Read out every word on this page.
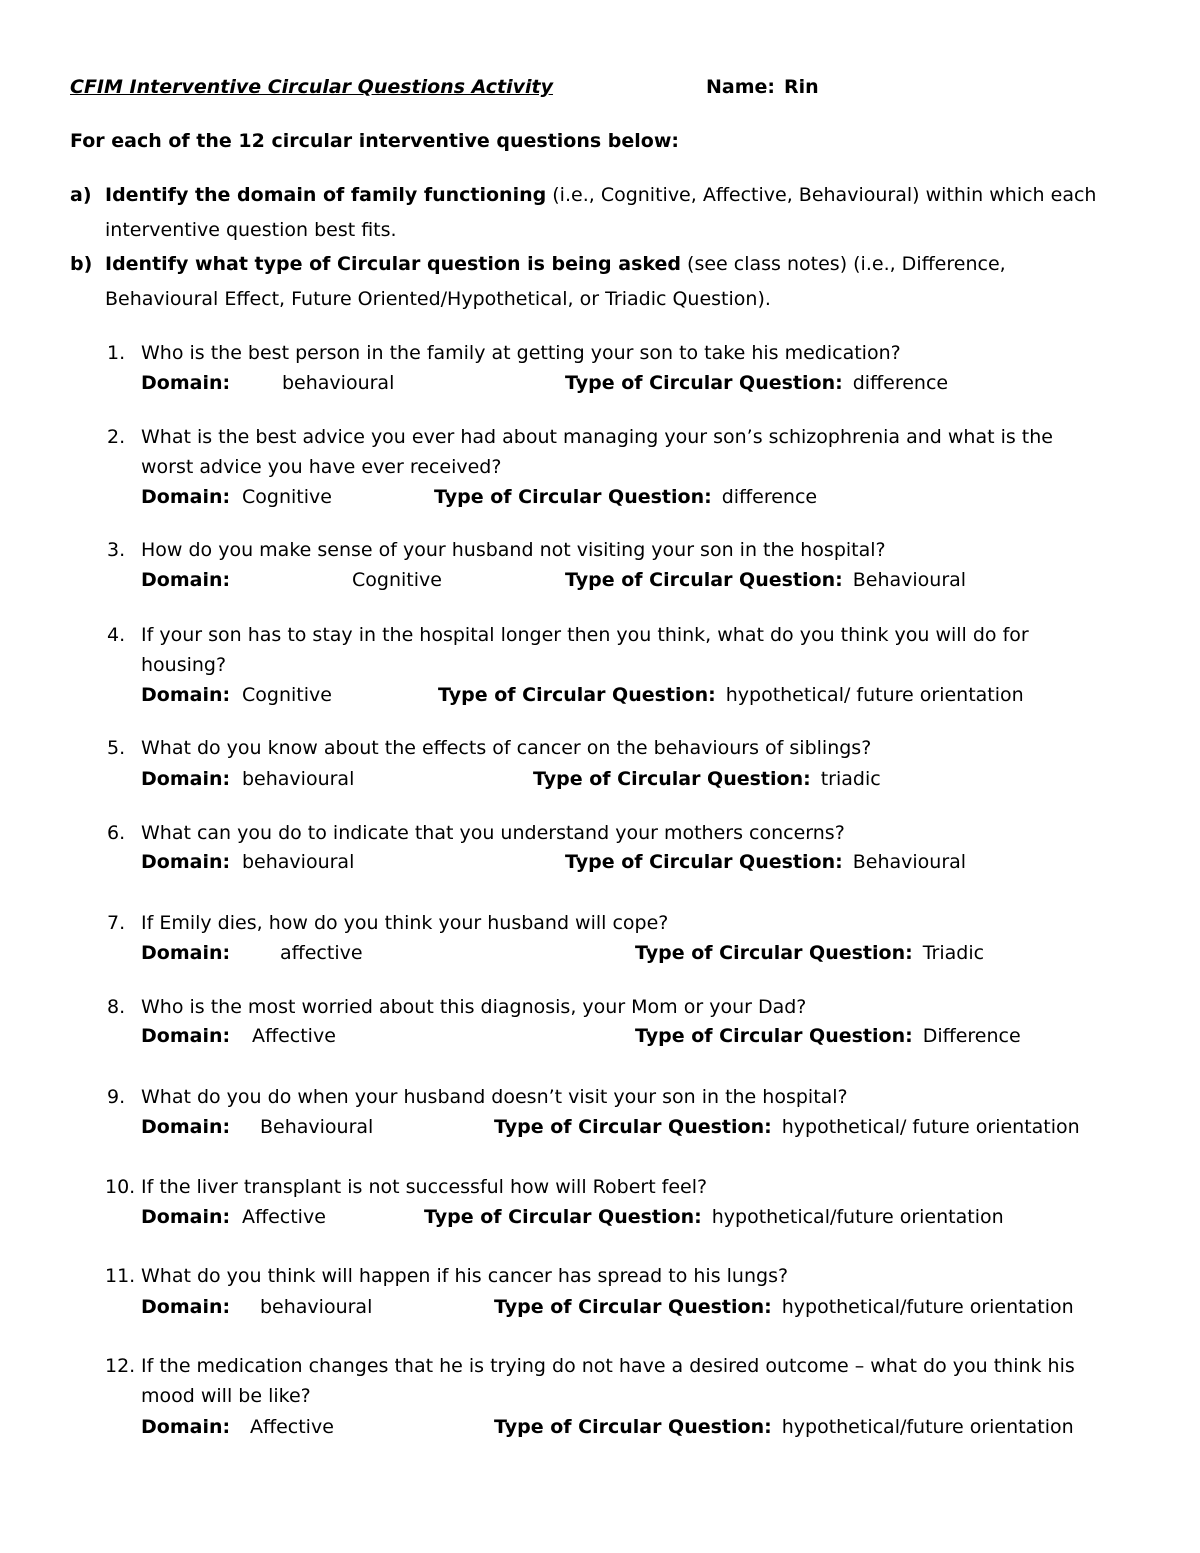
CFIM Interventive Circular Questions Activity	Name: Rin
For each of the 12 circular interventive questions below:
a) Identify the domain of family functioning (i.e., Cognitive, Affective, Behavioural) within which each
interventive question best fits.
b) Identify what type of Circular question is being asked (see class notes) (i.e., Difference,
Behavioural Effect, Future Oriented/Hypothetical, or Triadic Question).
1. Who is the best person in the family at getting your son to take his medication?
Domain:	behavioural	Type of Circular Question: difference
2. What is the best advice you ever had about managing your son’s schizophrenia and what is the
worst advice you have ever received?
Domain: Cognitive	Type of Circular Question: difference
3. How do you make sense of your husband not visiting your son in the hospital?
Domain:	Cognitive	Type of Circular Question: Behavioural
4. If your son has to stay in the hospital longer then you think, what do you think you will do for
housing?
Domain: Cognitive	Type of Circular Question: hypothetical/ future orientation
5. What do you know about the effects of cancer on the behaviours of siblings?
Domain: behavioural	Type of Circular Question: triadic
6. What can you do to indicate that you understand your mothers concerns?
Domain: behavioural	Type of Circular Question: Behavioural
7. If Emily dies, how do you think your husband will cope?
Domain:	affective	Type of Circular Question: Triadic
8. Who is the most worried about this diagnosis, your Mom or your Dad?
Domain: Affective	Type of Circular Question: Difference
9. What do you do when your husband doesn’t visit your son in the hospital?
Domain: Behavioural	Type of Circular Question: hypothetical/ future orientation
10. If the liver transplant is not successful how will Robert feel?
Domain: Affective	Type of Circular Question: hypothetical/future orientation
11. What do you think will happen if his cancer has spread to his lungs?
Domain: behavioural	Type of Circular Question: hypothetical/future orientation
12. If the medication changes that he is trying do not have a desired outcome – what do you think his
mood will be like?
Domain: Affective	Type of Circular Question: hypothetical/future orientation
